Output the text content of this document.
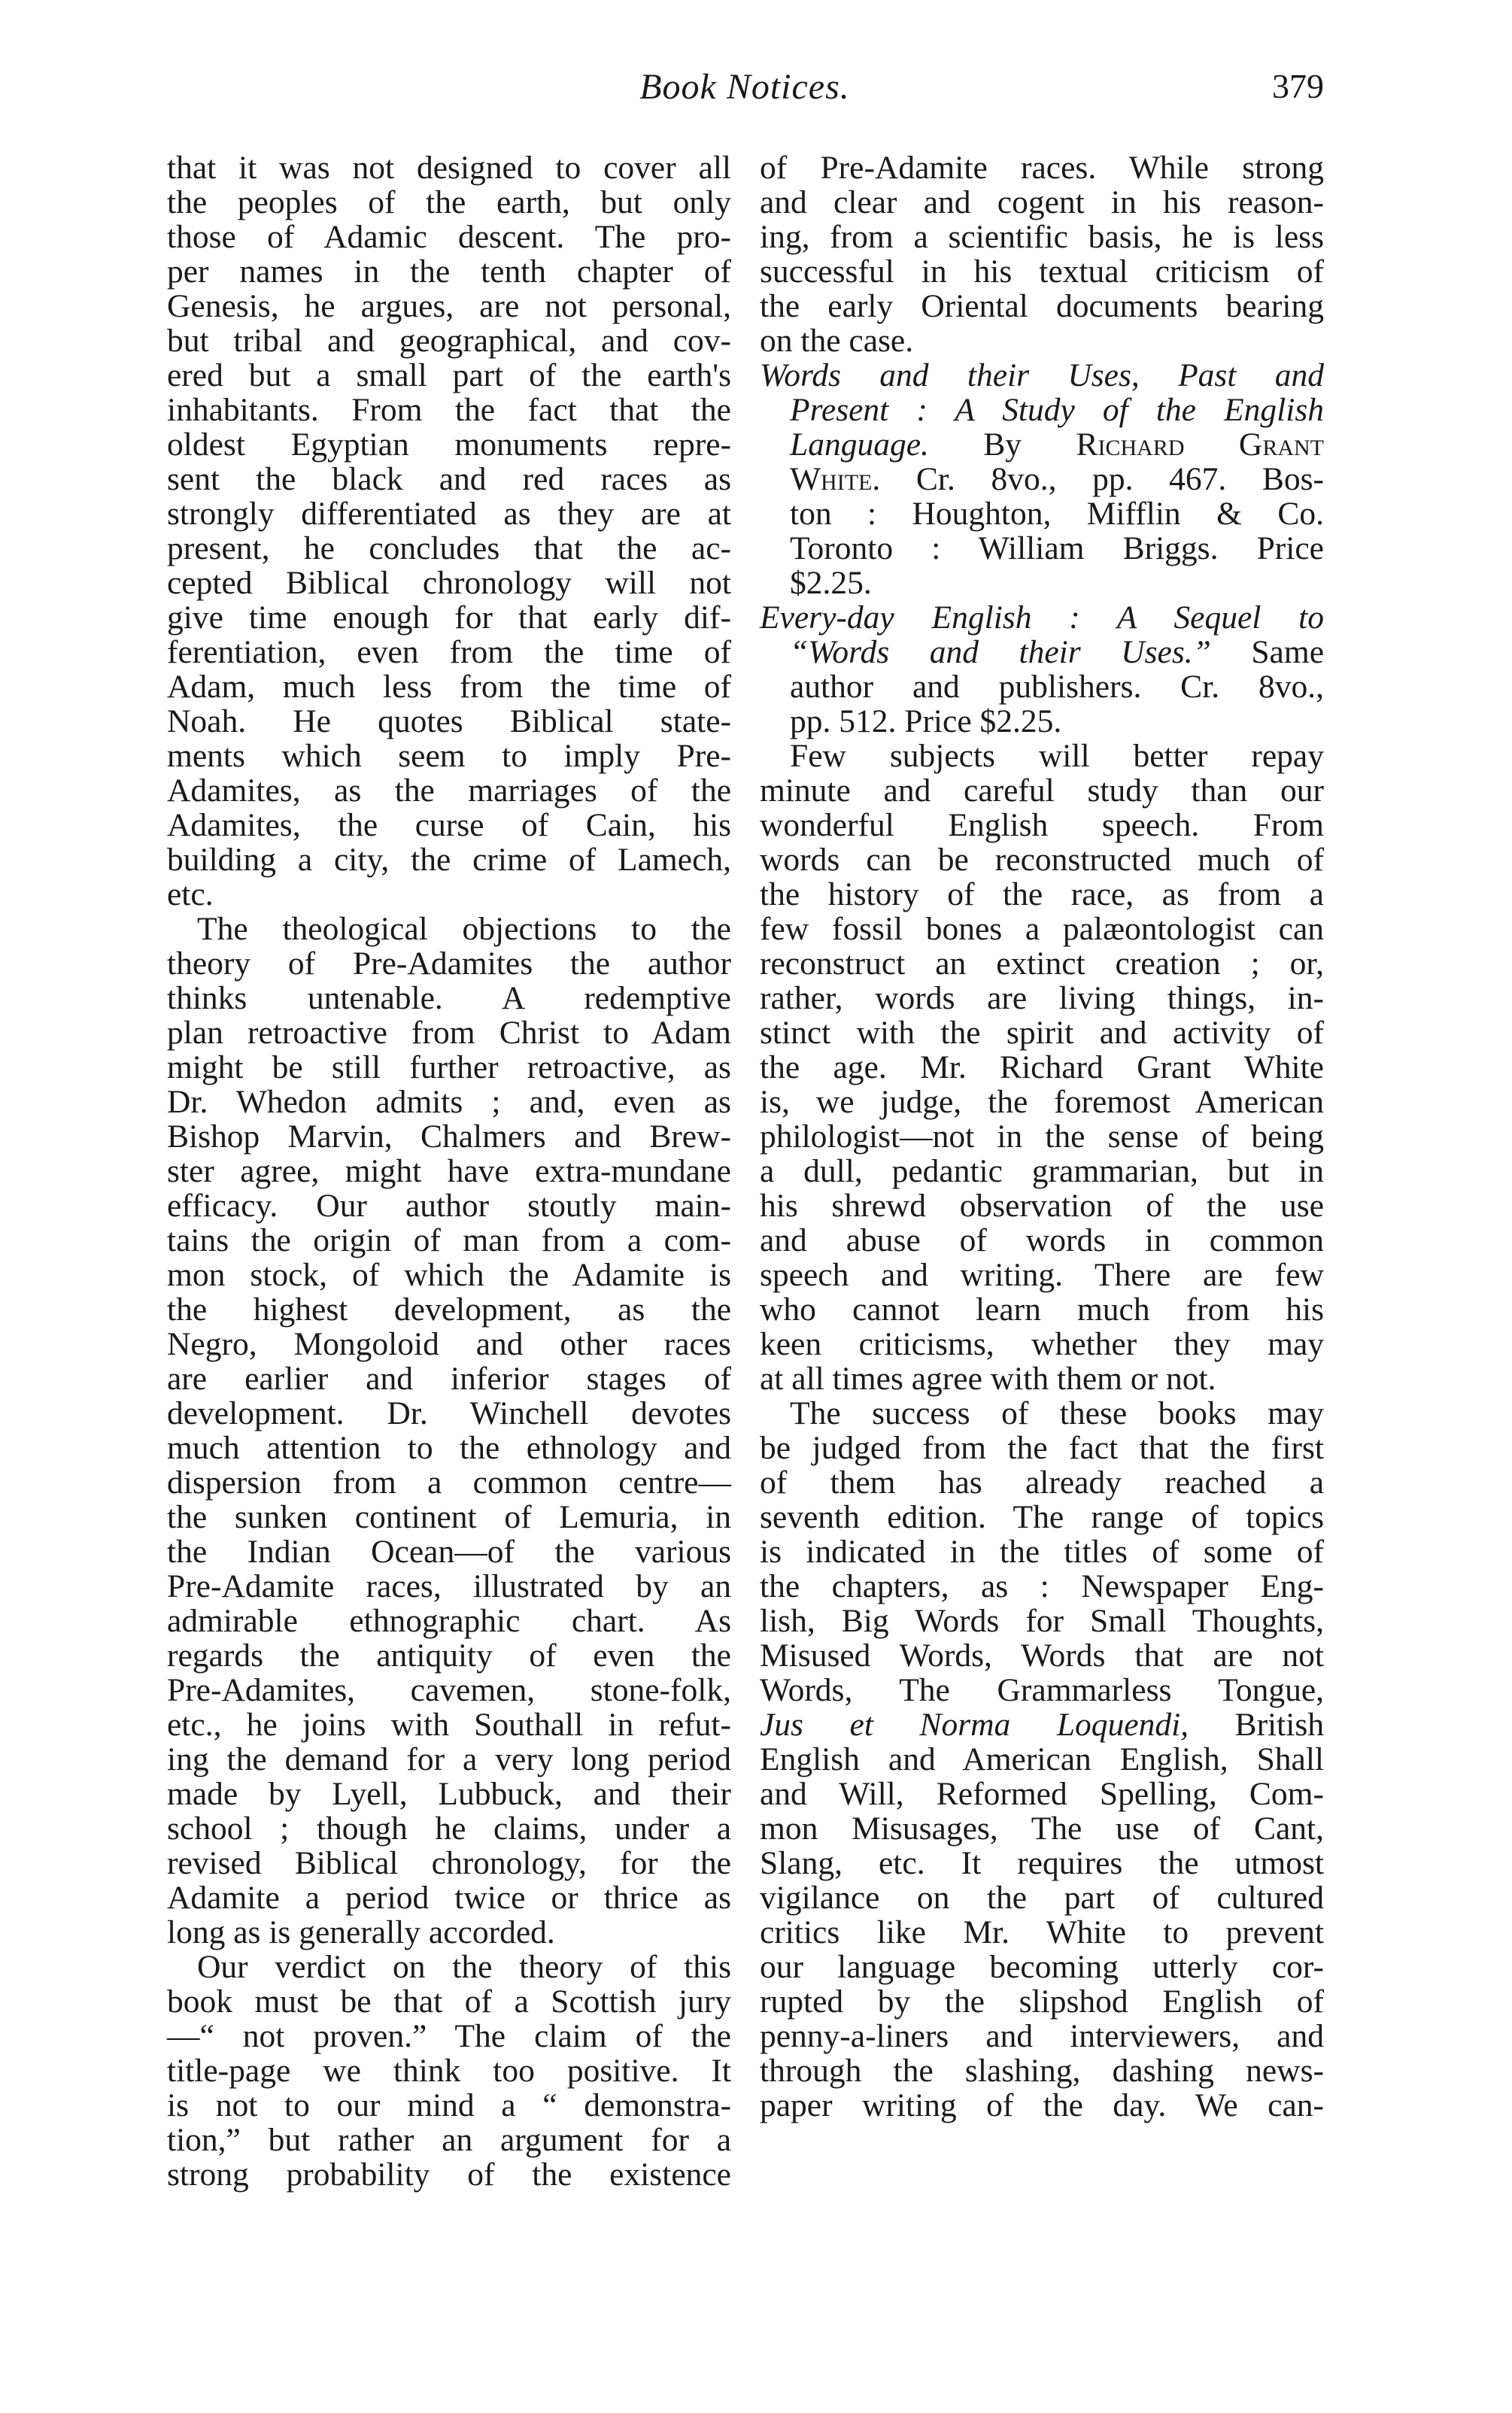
Book Notices.	379

that it was not designed to cover all
the peoples of the earth, but only
those of Adamic descent. The pro-
per names in the tenth chapter of
Genesis, he argues, are not personal,
but tribal and geographical, and cov-
ered but a small part of the earth's
inhabitants. From the fact that the
oldest Egyptian monuments repre-
sent the black and red races as
strongly differentiated as they are at
present, he concludes that the ac-
cepted Biblical chronology will not
give time enough for that early dif-
ferentiation, even from the time of
Adam, much less from the time of
Noah. He quotes Biblical state-
ments which seem to imply Pre-
Adamites, as the marriages of the
Adamites, the curse of Cain, his
building a city, the crime of Lamech,
etc.

The theological objections to the
theory of Pre-Adamites the author
thinks untenable. A redemptive
plan retroactive from Christ to Adam
might be still further retroactive, as
Dr. Whedon admits ; and, even as
Bishop Marvin, Chalmers and Brew-
ster agree, might have extra-mundane
efficacy. Our author stoutly main-
tains the origin of man from a com-
mon stock, of which the Adamite is
the highest development, as the
Negro, Mongoloid and other races
are earlier and inferior stages of
development. Dr. Winchell devotes
much attention to the ethnology and
dispersion from a common centre—
the sunken continent of Lemuria, in
the Indian Ocean—of the various
Pre-Adamite races, illustrated by an
admirable ethnographic chart. As
regards the antiquity of even the
Pre-Adamites, cavemen, stone-folk,
etc., he joins with Southall in refut-
ing the demand for a very long period
made by Lyell, Lubbuck, and their
school ; though he claims, under a
revised Biblical chronology, for the
Adamite a period twice or thrice as
long as is generally accorded.

Our verdict on the theory of this
book must be that of a Scottish jury
—“ not proven.” The claim of the
title-page we think too positive. It
is not to our mind a “ demonstra-
tion,” but rather an argument for a
strong probability of the existence

of Pre-Adamite races. While strong
and clear and cogent in his reason-
ing, from a scientific basis, he is less
successful in his textual criticism of
the early Oriental documents bearing
on the case.

Words and their Uses, Past and
Present : A Study of the English
Language. By Richard Grant
White. Cr. 8vo., pp. 467. Bos-
ton : Houghton, Mifflin & Co.
Toronto : William Briggs. Price
$2.25.

Every-day English : A Sequel to
“Words and their Uses.” Same
author and publishers. Cr. 8vo.,
pp. 512. Price $2.25.

Few subjects will better repay
minute and careful study than our
wonderful English speech. From
words can be reconstructed much of
the history of the race, as from a
few fossil bones a palæontologist can
reconstruct an extinct creation ; or,
rather, words are living things, in-
stinct with the spirit and activity of
the age. Mr. Richard Grant White
is, we judge, the foremost American
philologist—not in the sense of being
a dull, pedantic grammarian, but in
his shrewd observation of the use
and abuse of words in common
speech and writing. There are few
who cannot learn much from his
keen criticisms, whether they may
at all times agree with them or not.

The success of these books may
be judged from the fact that the first
of them has already reached a
seventh edition. The range of topics
is indicated in the titles of some of
the chapters, as : Newspaper Eng-
lish, Big Words for Small Thoughts,
Misused Words, Words that are not
Words, The Grammarless Tongue,
Jus et Norma Loquendi, British
English and American English, Shall
and Will, Reformed Spelling, Com-
mon Misusages, The use of Cant,
Slang, etc. It requires the utmost
vigilance on the part of cultured
critics like Mr. White to prevent
our language becoming utterly cor-
rupted by the slipshod English of
penny-a-liners and interviewers, and
through the slashing, dashing news-
paper writing of the day. We can-
